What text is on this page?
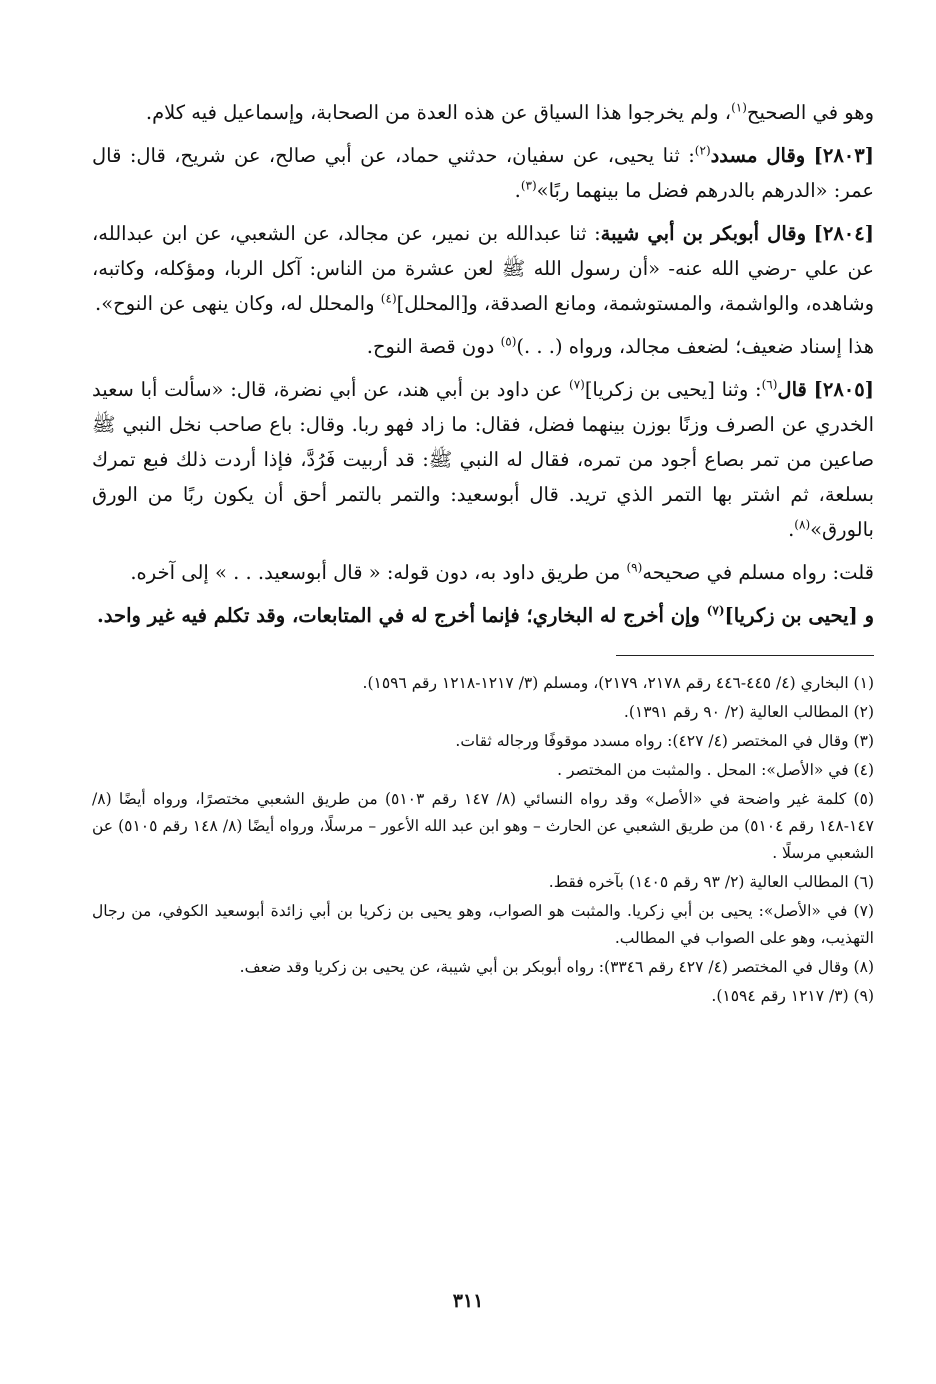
وهو في الصحيح$^{(١)}$، ولم يخرجوا هذا السياق عن هذه العدة من الصحابة، وإسماعيل فيه كلام.

[٢٨٠٣] وقال مسدد$^{(٢)}$: ثنا يحيى، عن سفيان، حدثني حماد، عن أبي صالح، عن شريح، قال: قال عمر: «الدرهم بالدرهم فضل ما بينهما ربًا»$^{(٣)}$.

[٢٨٠٤] وقال أبوبكر بن أبي شيبة: ثنا عبدالله بن نمير، عن مجالد، عن الشعبي، عن ابن عبدالله، عن علي -رضي الله عنه- «أن رسول الله ﷺ لعن عشرة من الناس: آكل الربا، ومؤكله، وكاتبه، وشاهده، والواشمة، والمستوشمة، ومانع الصدقة، و[المحلل]$^{(٤)}$ والمحلل له، وكان ينهى عن النوح».

هذا إسناد ضعيف؛ لضعف مجالد، ورواه (. . .)$^{(٥)}$ دون قصة النوح.

[٢٨٠٥] قال$^{(٦)}$: وثنا [يحيى بن زكريا]$^{(٧)}$ عن داود بن أبي هند، عن أبي نضرة، قال: «سألت أبا سعيد الخدري عن الصرف وزنًا بوزن بينهما فضل، فقال: ما زاد فهو ربا. وقال: باع صاحب نخل النبي ﷺ صاعين من تمر بصاع أجود من تمره، فقال له النبي ﷺ: قد أربيت فَرُدَّ، فإذا أردت ذلك فبع تمرك بسلعة، ثم اشتر بها التمر الذي تريد. قال أبوسعيد: والتمر بالتمر أحق أن يكون ربًا من الورق بالورق»$^{(٨)}$.

قلت: رواه مسلم في صحيحه$^{(٩)}$ من طريق داود به، دون قوله: « قال أبوسعيد. . . » إلى آخره.

و [يحيى بن زكريا]$^{(٧)}$ وإن أخرج له البخاري؛ فإنما أخرج له في المتابعات، وقد تكلم فيه غير واحد.

(١) البخاري (٤/ ٤٤٥-٤٤٦ رقم ٢١٧٨، ٢١٧٩)، ومسلم (٣/ ١٢١٧-١٢١٨ رقم ١٥٩٦).

(٢) المطالب العالية (٢/ ٩٠ رقم ١٣٩١).

(٣) وقال في المختصر (٤/ ٤٢٧): رواه مسدد موقوفًا ورجاله ثقات.

(٤) في «الأصل»: المحل . والمثبت من المختصر .

(٥) كلمة غير واضحة في «الأصل» وقد رواه النسائي (٨/ ١٤٧ رقم ٥١٠٣) من طريق الشعبي مختصرًا، ورواه أيضًا (٨/ ١٤٧-١٤٨ رقم ٥١٠٤) من طريق الشعبي عن الحارث – وهو ابن عبد الله الأعور – مرسلًا، ورواه أيضًا (٨/ ١٤٨ رقم ٥١٠٥) عن الشعبي مرسلًا .

(٦) المطالب العالية (٢/ ٩٣ رقم ١٤٠٥) بآخره فقط.

(٧) في «الأصل»: يحيى بن أبي زكريا. والمثبت هو الصواب، وهو يحيى بن زكريا بن أبي زائدة أبوسعيد الكوفي، من رجال التهذيب، وهو على الصواب في المطالب.

(٨) وقال في المختصر (٤/ ٤٢٧ رقم ٣٣٤٦): رواه أبوبكر بن أبي شيبة، عن يحيى بن زكريا وقد ضعف.

(٩) (٣/ ١٢١٧ رقم ١٥٩٤).

٣١١
